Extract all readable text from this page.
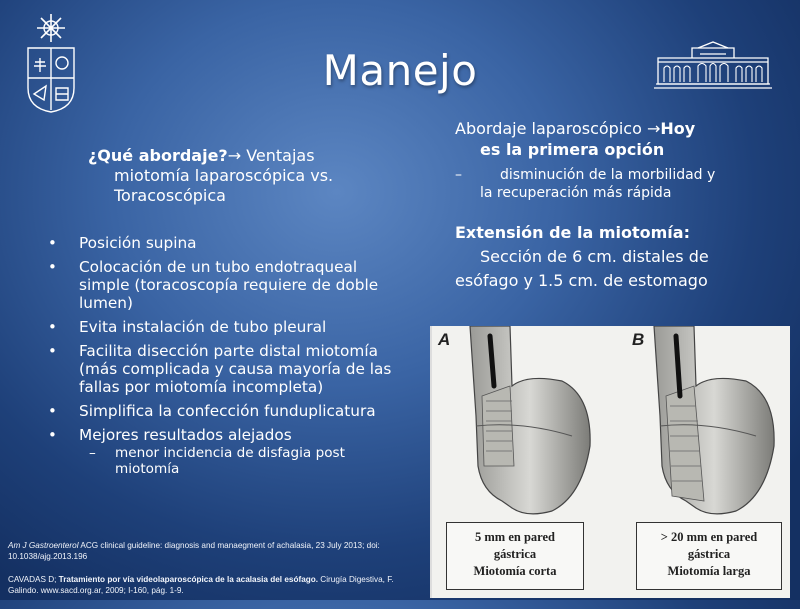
Manejo
¿Qué abordaje?→ Ventajas
miotomía laparoscópica vs. Toracoscópica
• Posición supina
• Colocación de un tubo endotraqueal simple (toracoscopía requiere de doble lumen)
• Evita instalación de tubo pleural
• Facilita disección parte distal miotomía (más complicada y causa mayoría de las fallas por miotomía incompleta)
• Simplifica la confección funduplicatura
• Mejores resultados alejados
– menor incidencia de disfagia post miotomía

Am J Gastroenterol ACG clinical guideline: diagnosis and manaegment of achalasia, 23 July 2013; doi: 10.1038/ajg.2013.196

CAVADAS D; Tratamiento por vía videolaparoscópica de la acalasia del esófago. Cirugía Digestiva, F. Galindo. www.sacd.org.ar, 2009; I-160, pág. 1-9.

Abordaje laparoscópico →Hoy
es la primera opción
– disminución de la morbilidad y
la recuperación más rápida
Extensión de la miotomía:
Sección de 6 cm. distales de
esófago y 1.5 cm. de estomago
A	B
5 mm en pared
gástrica
Miotomía corta
> 20 mm en pared
gástrica
Miotomía larga
